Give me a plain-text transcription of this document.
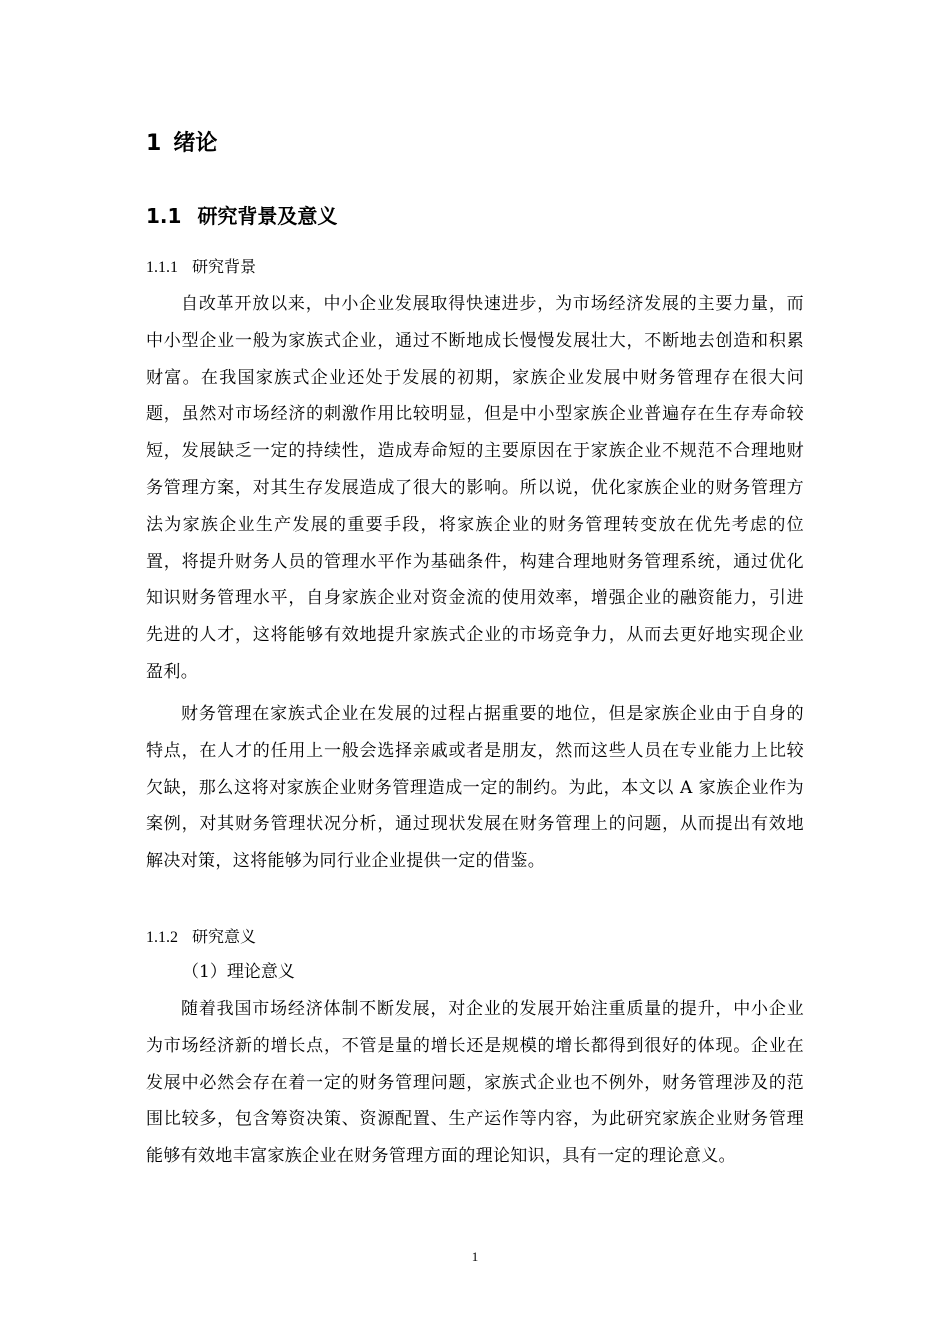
1 绪论
1.1 研究背景及意义
1.1.1 研究背景

自改革开放以来，中小企业发展取得快速进步，为市场经济发展的主要力量，而中小型企业一般为家族式企业，通过不断地成长慢慢发展壮大，不断地去创造和积累财富。在我国家族式企业还处于发展的初期，家族企业发展中财务管理存在很大问题，虽然对市场经济的刺激作用比较明显，但是中小型家族企业普遍存在生存寿命较短，发展缺乏一定的持续性，造成寿命短的主要原因在于家族企业不规范不合理地财务管理方案，对其生存发展造成了很大的影响。所以说，优化家族企业的财务管理方法为家族企业生产发展的重要手段，将家族企业的财务管理转变放在优先考虑的位置，将提升财务人员的管理水平作为基础条件，构建合理地财务管理系统，通过优化知识财务管理水平，自身家族企业对资金流的使用效率，增强企业的融资能力，引进先进的人才，这将能够有效地提升家族式企业的市场竞争力，从而去更好地实现企业盈利。

财务管理在家族式企业在发展的过程占据重要的地位，但是家族企业由于自身的特点，在人才的任用上一般会选择亲戚或者是朋友，然而这些人员在专业能力上比较欠缺，那么这将对家族企业财务管理造成一定的制约。为此，本文以 A 家族企业作为案例，对其财务管理状况分析，通过现状发展在财务管理上的问题，从而提出有效地解决对策，这将能够为同行业企业提供一定的借鉴。

1.1.2 研究意义
（1）理论意义

随着我国市场经济体制不断发展，对企业的发展开始注重质量的提升，中小企业为市场经济新的增长点，不管是量的增长还是规模的增长都得到很好的体现。企业在发展中必然会存在着一定的财务管理问题，家族式企业也不例外，财务管理涉及的范围比较多，包含筹资决策、资源配置、生产运作等内容，为此研究家族企业财务管理能够有效地丰富家族企业在财务管理方面的理论知识，具有一定的理论意义。

1
